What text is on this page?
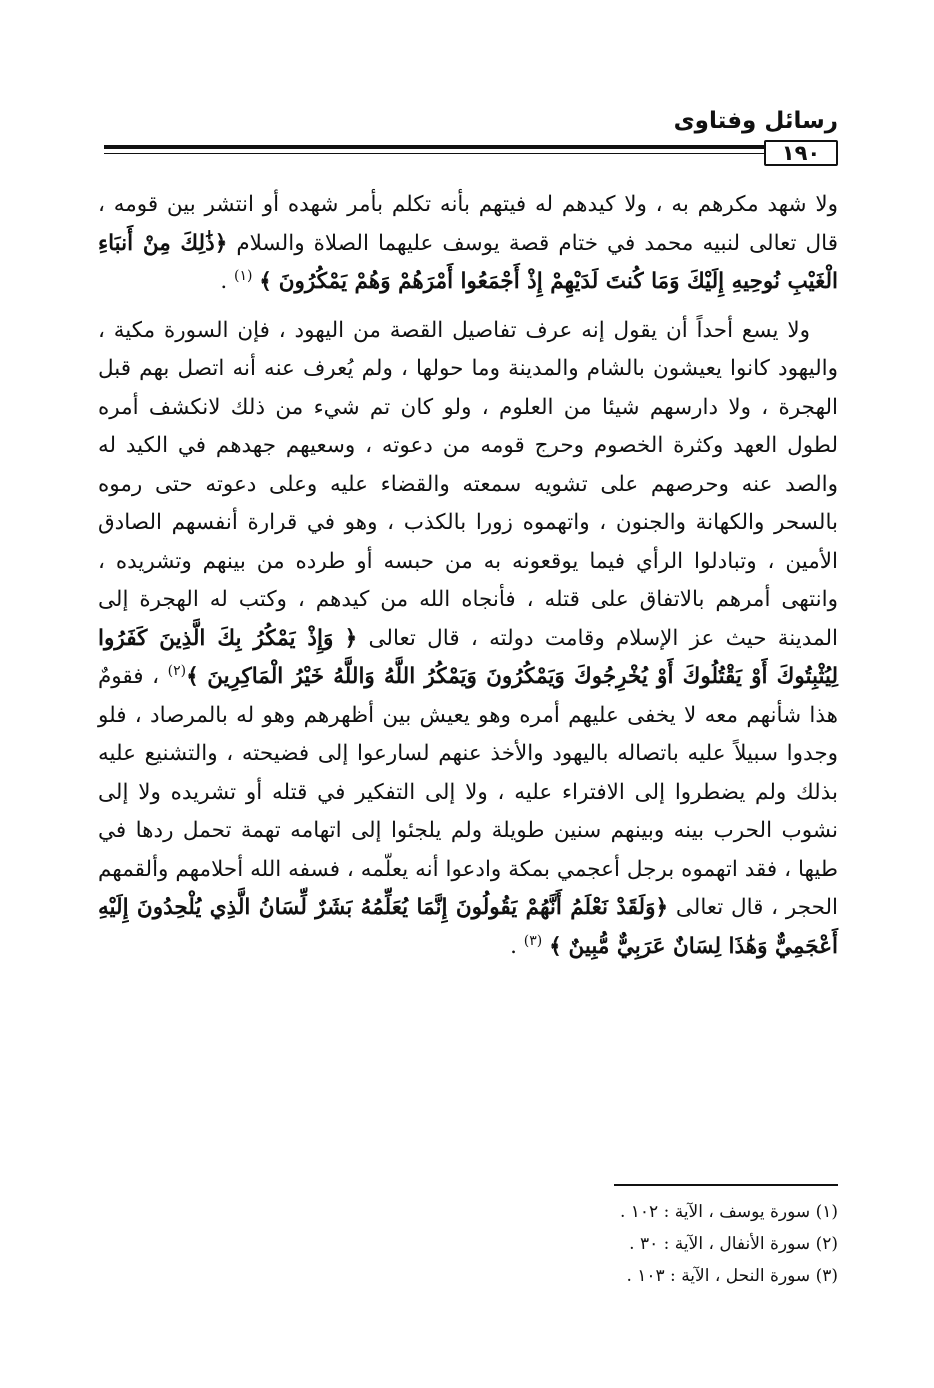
رسائل وفتاوى
١٩٠

ولا شهد مكرهم به ، ولا كيدهم له فيتهم بأنه تكلم بأمر شهده أو انتشر بين قومه ، قال تعالى لنبيه محمد في ختام قصة يوسف عليهما الصلاة والسلام ﴿ذَٰلِكَ مِنْ أَنبَاءِ الْغَيْبِ نُوحِيهِ إِلَيْكَ وَمَا كُنتَ لَدَيْهِمْ إِذْ أَجْمَعُوا أَمْرَهُمْ وَهُمْ يَمْكُرُونَ ﴾ $^{(١)}$ .

ولا يسع أحداً أن يقول إنه عرف تفاصيل القصة من اليهود ، فإن السورة مكية ، واليهود كانوا يعيشون بالشام والمدينة وما حولها ، ولم يُعرف عنه أنه اتصل بهم قبل الهجرة ، ولا دارسهم شيئا من العلوم ، ولو كان تم شيء من ذلك لانكشف أمره لطول العهد وكثرة الخصوم وحرج قومه من دعوته ، وسعيهم جهدهم في الكيد له والصد عنه وحرصهم على تشويه سمعته والقضاء عليه وعلى دعوته حتى رموه بالسحر والكهانة والجنون ، واتهموه زورا بالكذب ، وهو في قرارة أنفسهم الصادق الأمين ، وتبادلوا الرأي فيما يوقعونه به من حبسه أو طرده من بينهم وتشريده ، وانتهى أمرهم بالاتفاق على قتله ، فأنجاه الله من كيدهم ، وكتب له الهجرة إلى المدينة حيث عز الإسلام وقامت دولته ، قال تعالى ﴿ وَإِذْ يَمْكُرُ بِكَ الَّذِينَ كَفَرُوا لِيُثْبِتُوكَ أَوْ يَقْتُلُوكَ أَوْ يُخْرِجُوكَ وَيَمْكُرُونَ وَيَمْكُرُ اللَّهُ وَاللَّهُ خَيْرُ الْمَاكِرِينَ ﴾$^{(٢)}$ ، فقومٌ هذا شأنهم معه لا يخفى عليهم أمره وهو يعيش بين أظهرهم وهو له بالمرصاد ، فلو وجدوا سبيلاً عليه باتصاله باليهود والأخذ عنهم لسارعوا إلى فضيحته ، والتشنيع عليه بذلك ولم يضطروا إلى الافتراء عليه ، ولا إلى التفكير في قتله أو تشريده ولا إلى نشوب الحرب بينه وبينهم سنين طويلة ولم يلجئوا إلى اتهامه تهمة تحمل ردها في طيها ، فقد اتهموه برجل أعجمي بمكة وادعوا أنه يعلّمه ، فسفه الله أحلامهم وألقمهم الحجر ، قال تعالى ﴿وَلَقَدْ نَعْلَمُ أَنَّهُمْ يَقُولُونَ إِنَّمَا يُعَلِّمُهُ بَشَرٌ لِّسَانُ الَّذِي يُلْحِدُونَ إِلَيْهِ أَعْجَمِيٌّ وَهَٰذَا لِسَانٌ عَرَبِيٌّ مُّبِينٌ ﴾ $^{(٣)}$ .

(١) سورة يوسف ، الآية : ١٠٢ .
(٢) سورة الأنفال ، الآية : ٣٠ .
(٣) سورة النحل ، الآية : ١٠٣ .
